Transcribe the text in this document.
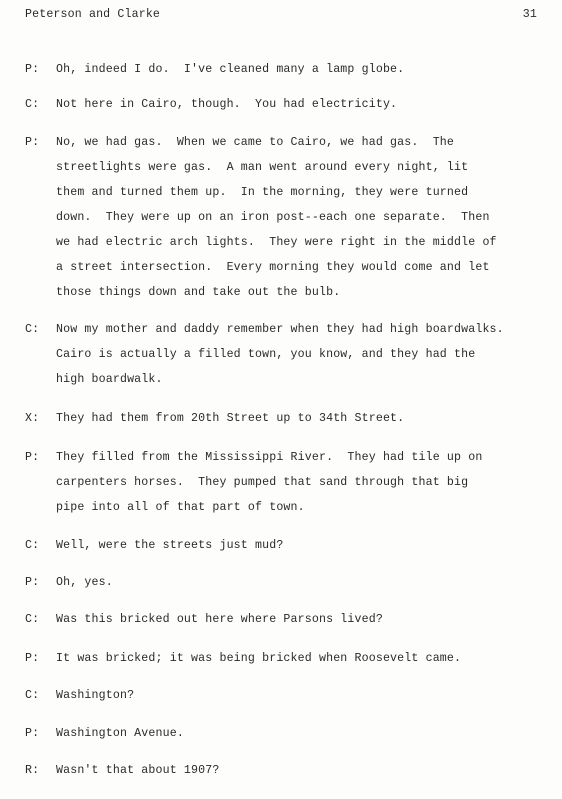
Peterson and Clarke	31
P:	Oh, indeed I do.  I've cleaned many a lamp globe.
C:	Not here in Cairo, though.  You had electricity.
P:	No, we had gas.  When we came to Cairo, we had gas.  The
streetlights were gas.  A man went around every night, lit
them and turned them up.  In the morning, they were turned
down.  They were up on an iron post--each one separate.  Then
we had electric arch lights.  They were right in the middle of
a street intersection.  Every morning they would come and let
those things down and take out the bulb.
C:	Now my mother and daddy remember when they had high boardwalks.
Cairo is actually a filled town, you know, and they had the
high boardwalk.
X:	They had them from 20th Street up to 34th Street.
P:	They filled from the Mississippi River.  They had tile up on
carpenters horses.  They pumped that sand through that big
pipe into all of that part of town.
C:	Well, were the streets just mud?
P:	Oh, yes.
C:	Was this bricked out here where Parsons lived?
P:	It was bricked; it was being bricked when Roosevelt came.
C:	Washington?
P:	Washington Avenue.
R:	Wasn't that about 1907?
